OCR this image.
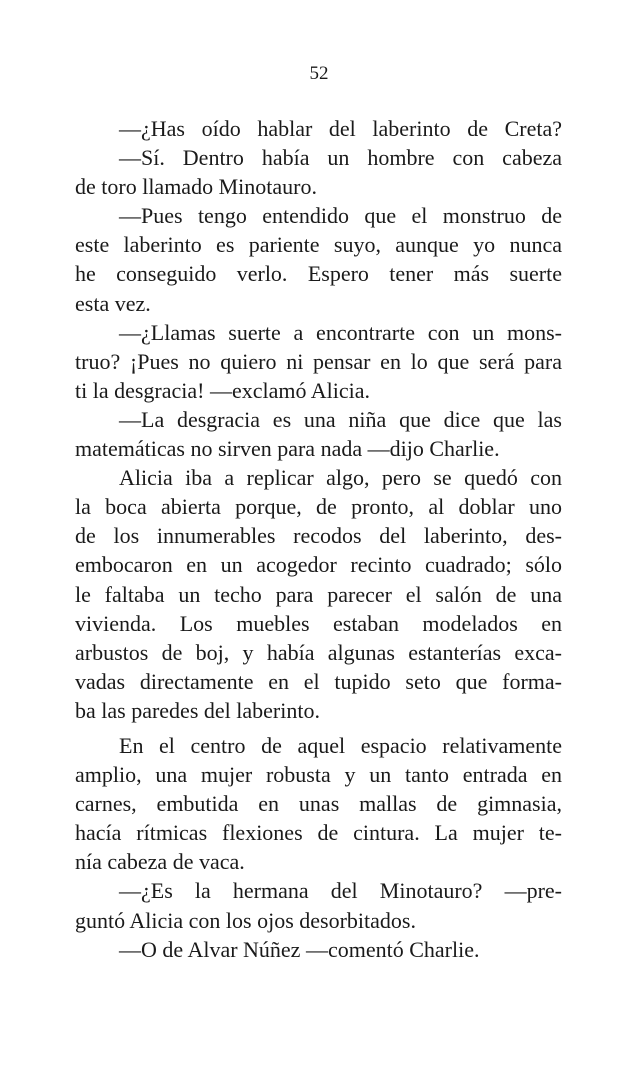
52
—¿Has oído hablar del laberinto de Creta?
—Sí. Dentro había un hombre con cabeza
de toro llamado Minotauro.
—Pues tengo entendido que el monstruo de
este laberinto es pariente suyo, aunque yo nunca
he conseguido verlo. Espero tener más suerte
esta vez.
—¿Llamas suerte a encontrarte con un mons-
truo? ¡Pues no quiero ni pensar en lo que será para
ti la desgracia! —exclamó Alicia.
—La desgracia es una niña que dice que las
matemáticas no sirven para nada —dijo Charlie.
Alicia iba a replicar algo, pero se quedó con
la boca abierta porque, de pronto, al doblar uno
de los innumerables recodos del laberinto, des-
embocaron en un acogedor recinto cuadrado; sólo
le faltaba un techo para parecer el salón de una
vivienda. Los muebles estaban modelados en
arbustos de boj, y había algunas estanterías exca-
vadas directamente en el tupido seto que forma-
ba las paredes del laberinto.
En el centro de aquel espacio relativamente
amplio, una mujer robusta y un tanto entrada en
carnes, embutida en unas mallas de gimnasia,
hacía rítmicas flexiones de cintura. La mujer te-
nía cabeza de vaca.
—¿Es la hermana del Minotauro? —pre-
guntó Alicia con los ojos desorbitados.
—O de Alvar Núñez —comentó Charlie.
